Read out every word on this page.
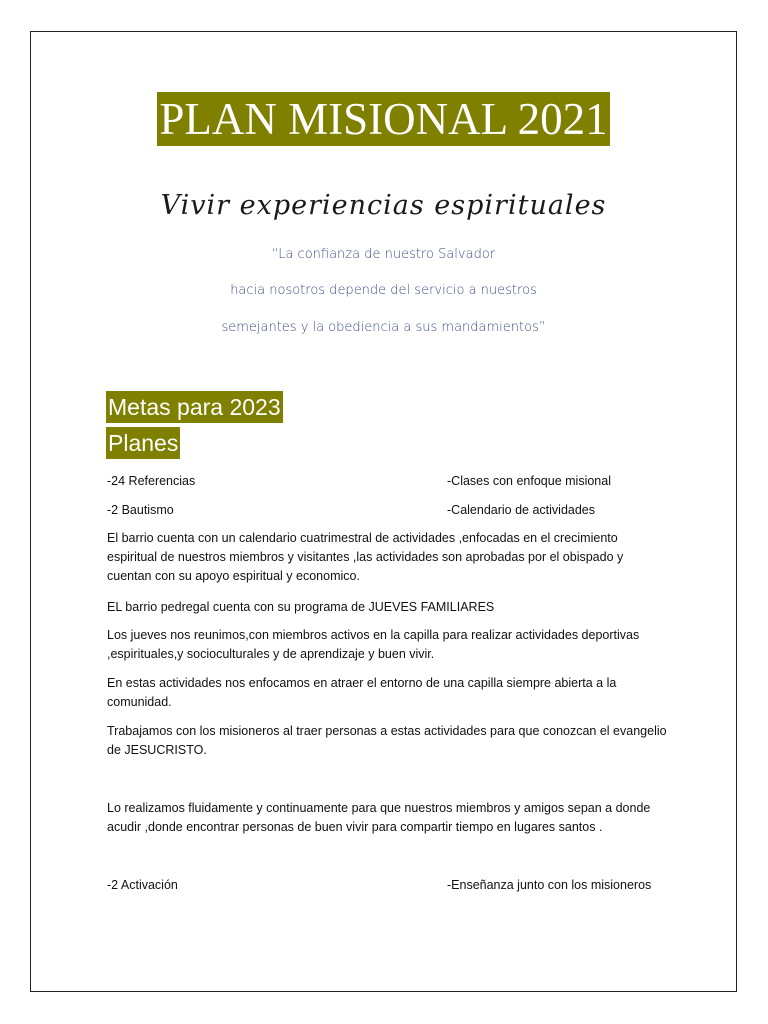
PLAN MISIONAL 2021
Vivir experiencias espirituales
“La confianza de nuestro Salvador
hacia nosotros depende del servicio a nuestros
semejantes y la obediencia a sus mandamientos”
Metas para 2023
Planes
-24 Referencias	-Clases con enfoque misional
-2 Bautismo	-Calendario de actividades
El barrio cuenta con un calendario cuatrimestral de actividades ,enfocadas en el crecimiento espiritual de nuestros miembros y visitantes ,las actividades son aprobadas por el obispado y cuentan con su apoyo espiritual y economico.
EL barrio pedregal cuenta con su programa de JUEVES FAMILIARES
Los jueves nos reunimos,con miembros activos en la capilla para realizar actividades deportivas ,espirituales,y socioculturales y de aprendizaje y buen vivir.
En estas actividades nos enfocamos en atraer el entorno de una capilla siempre abierta a la comunidad.
Trabajamos con los misioneros al traer personas a estas actividades para que conozcan el evangelio de JESUCRISTO.
Lo realizamos fluidamente y continuamente para que nuestros miembros y amigos sepan a donde acudir ,donde encontrar personas de buen vivir para compartir tiempo en lugares santos .
-2 Activación	-Enseñanza junto con los misioneros
